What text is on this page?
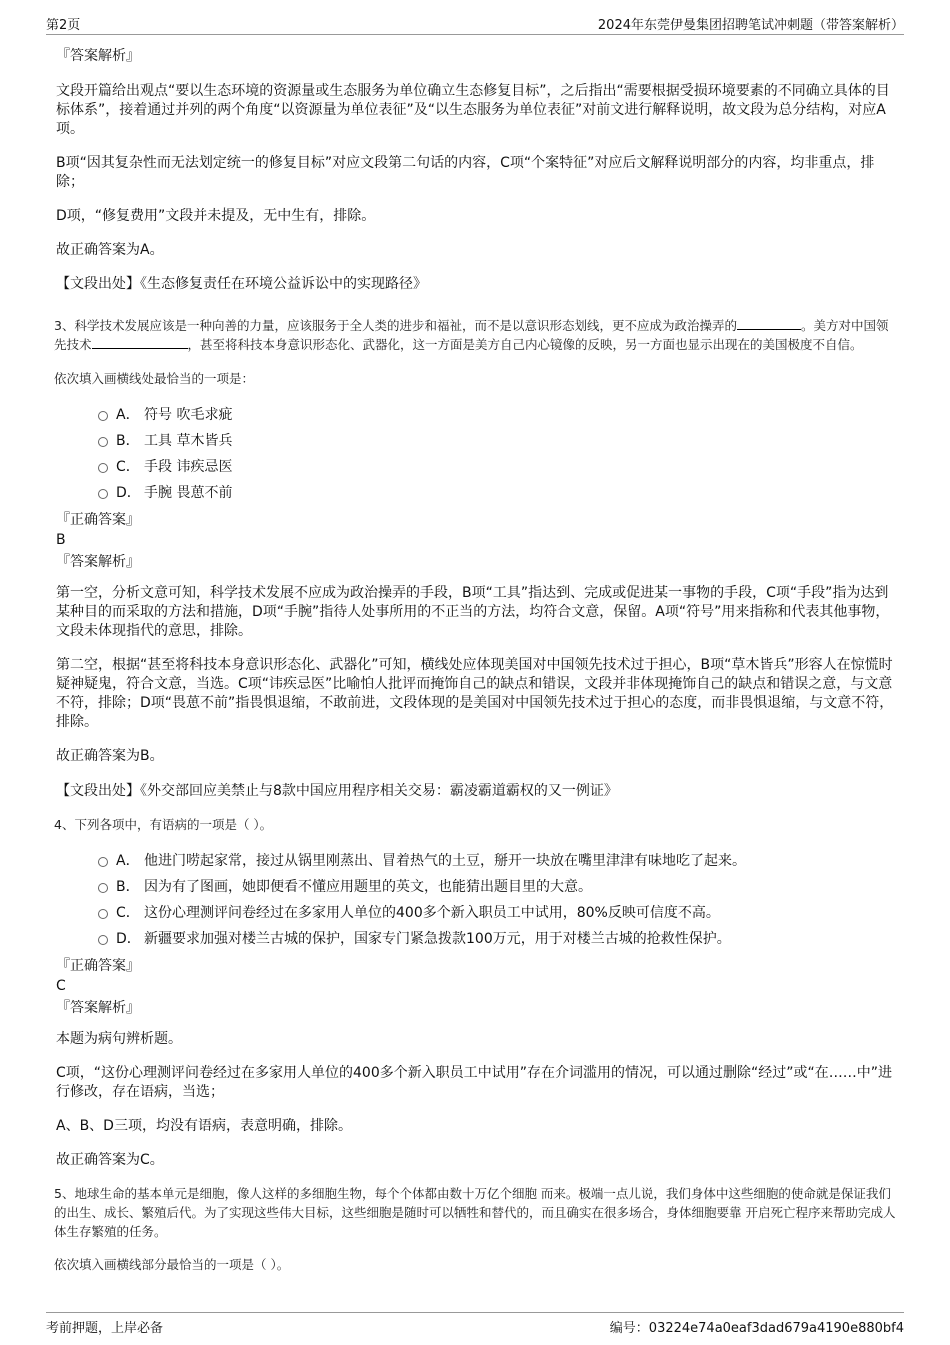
第2页	2024年东莞伊曼集团招聘笔试冲刺题（带答案解析）

『答案解析』

文段开篇给出观点“要以生态环境的资源量或生态服务为单位确立生态修复目标”，之后指出“需要根据受损环境要素的不同确立具体的目标体系”，接着通过并列的两个角度“以资源量为单位表征”及“以生态服务为单位表征”对前文进行解释说明，故文段为总分结构，对应A项。

B项“因其复杂性而无法划定统一的修复目标”对应文段第二句话的内容，C项“个案特征”对应后文解释说明部分的内容，均非重点，排除；

D项，“修复费用”文段并未提及，无中生有，排除。

故正确答案为A。

【文段出处】《生态修复责任在环境公益诉讼中的实现路径》

3、科学技术发展应该是一种向善的力量，应该服务于全人类的进步和福祉，而不是以意识形态划线，更不应成为政治操弄的	。美方对中国领先技术	，甚至将科技本身意识形态化、武器化，这一方面是美方自己内心镜像的反映，另一方面也显示出现在的美国极度不自信。

依次填入画横线处最恰当的一项是：

A． 符号 吹毛求疵

B． 工具 草木皆兵

C． 手段 讳疾忌医

D． 手腕 畏葸不前

『正确答案』

B

『答案解析』

第一空，分析文意可知，科学技术发展不应成为政治操弄的手段，B项“工具”指达到、完成或促进某一事物的手段，C项“手段”指为达到某种目的而采取的方法和措施，D项“手腕”指待人处事所用的不正当的方法，均符合文意，保留。A项“符号”用来指称和代表其他事物，文段未体现指代的意思，排除。

第二空，根据“甚至将科技本身意识形态化、武器化”可知，横线处应体现美国对中国领先技术过于担心，B项“草木皆兵”形容人在惊慌时疑神疑鬼，符合文意，当选。C项“讳疾忌医”比喻怕人批评而掩饰自己的缺点和错误，文段并非体现掩饰自己的缺点和错误之意，与文意不符，排除；D项“畏葸不前”指畏惧退缩，不敢前进，文段体现的是美国对中国领先技术过于担心的态度，而非畏惧退缩，与文意不符，排除。

故正确答案为B。

【文段出处】《外交部回应美禁止与8款中国应用程序相关交易：霸凌霸道霸权的又一例证》

4、下列各项中，有语病的一项是（ ）。

A． 他进门唠起家常，接过从锅里刚蒸出、冒着热气的土豆，掰开一块放在嘴里津津有味地吃了起来。

B． 因为有了图画，她即便看不懂应用题里的英文，也能猜出题目里的大意。

C． 这份心理测评问卷经过在多家用人单位的400多个新入职员工中试用，80%反映可信度不高。

D． 新疆要求加强对楼兰古城的保护，国家专门紧急拨款100万元，用于对楼兰古城的抢救性保护。

『正确答案』

C

『答案解析』

本题为病句辨析题。

C项，“这份心理测评问卷经过在多家用人单位的400多个新入职员工中试用”存在介词滥用的情况，可以通过删除“经过”或“在……中”进行修改，存在语病，当选；

A、B、D三项，均没有语病，表意明确，排除。

故正确答案为C。

5、地球生命的基本单元是细胞，像人这样的多细胞生物，每个个体都由数十万亿个细胞 而来。极端一点儿说，我们身体中这些细胞的使命就是保证我们的出生、成长、繁殖后代。为了实现这些伟大目标，这些细胞是随时可以牺牲和替代的，而且确实在很多场合，身体细胞要靠 开启死亡程序来帮助完成人体生存繁殖的任务。

依次填入画横线部分最恰当的一项是（ ）。

考前押题，上岸必备	编号：03224e74a0eaf3dad679a4190e880bf4
